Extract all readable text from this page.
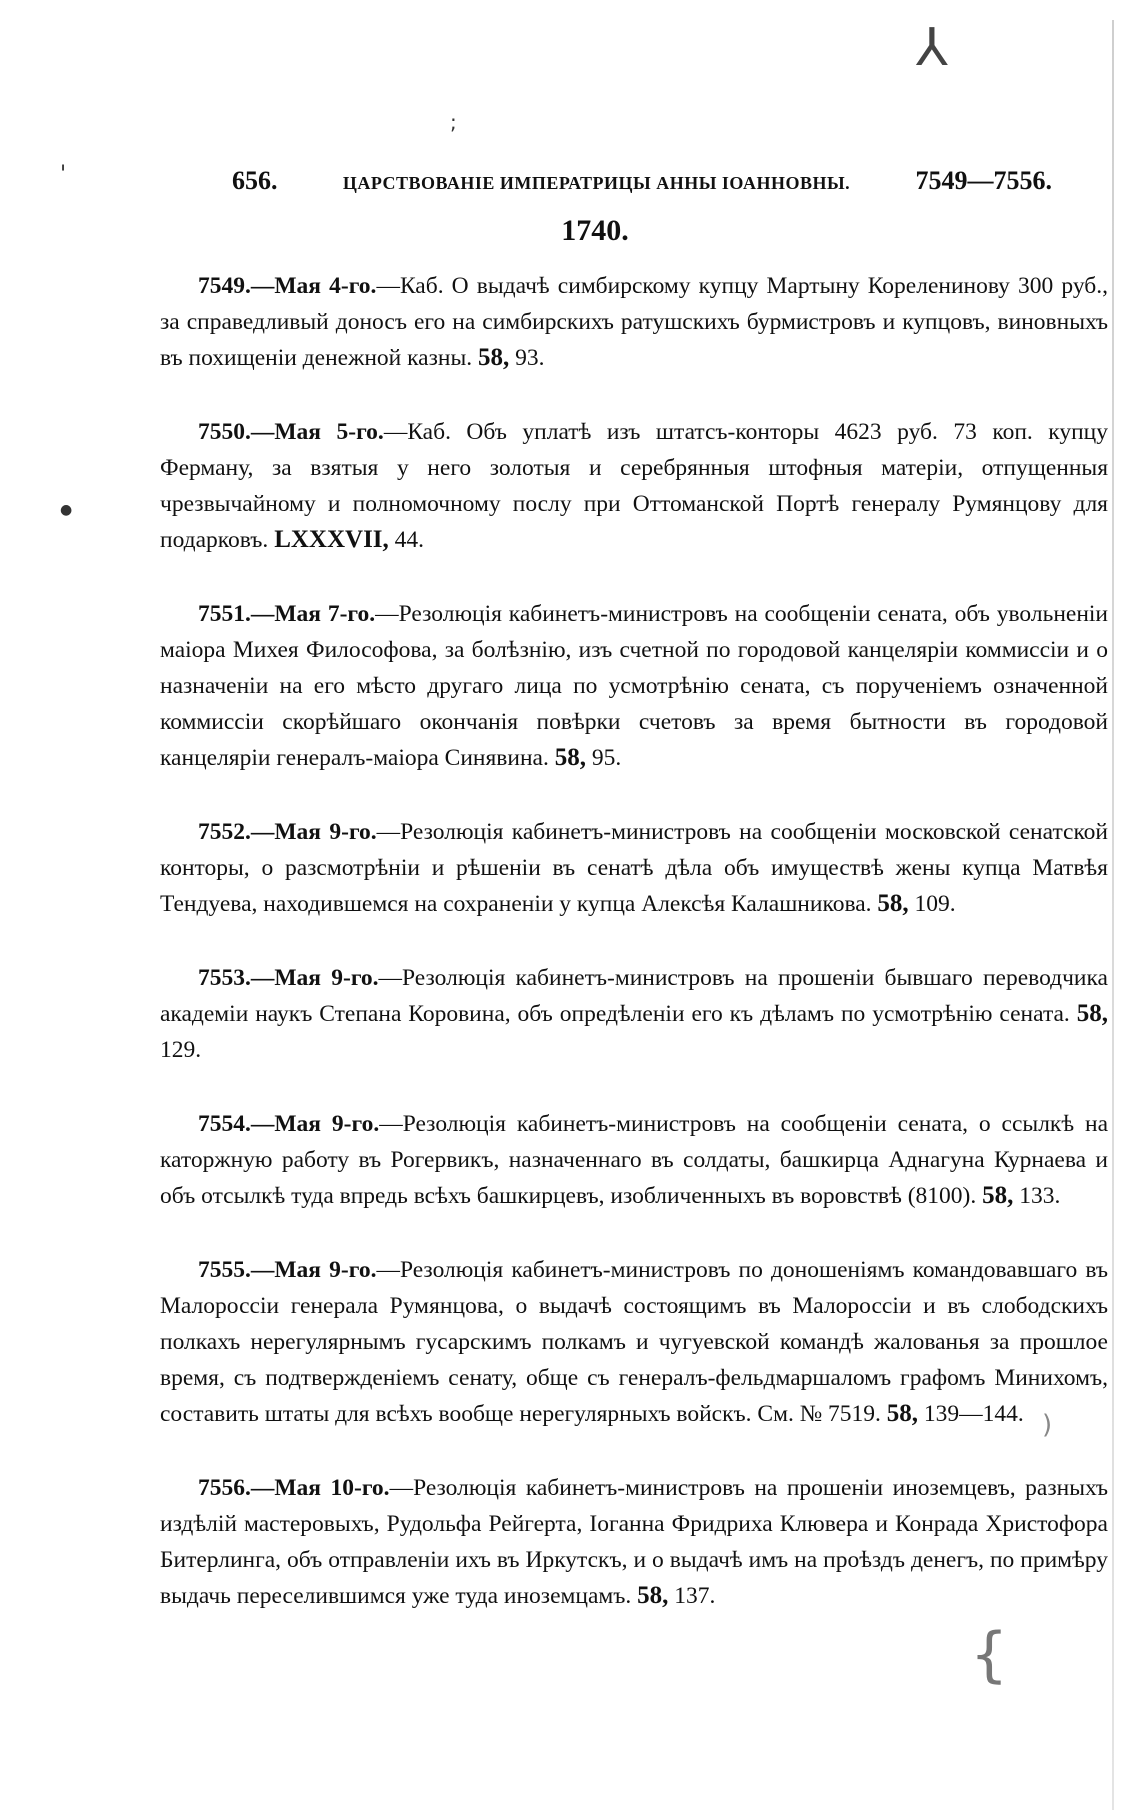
⅄
;
'
●
)
{
656.	ЦАРСТВОВАНІЕ ИМПЕРАТРИЦЫ АННЫ ІОАННОВНЫ.	7549—7556.
1740.

7549.—Мая 4-го.—Каб. О выдачѣ симбирскому купцу Мартыну Кореленинову 300 руб., за справедливый доносъ его на симбирскихъ ратушскихъ бурмистровъ и купцовъ, виновныхъ въ похищеніи денежной казны. 58, 93.

7550.—Мая 5-го.—Каб. Объ уплатѣ изъ штатсъ-конторы 4623 руб. 73 коп. купцу Ферману, за взятыя у него золотыя и серебрянныя штофныя матеріи, отпущенныя чрезвычайному и полномочному послу при Оттоманской Портѣ генералу Румянцову для подарковъ. LXXXVII, 44.

7551.—Мая 7-го.—Резолюція кабинетъ-министровъ на сообщеніи сената, объ увольненіи маіора Михея Философова, за болѣзнію, изъ счетной по городовой канцеляріи коммиссіи и о назначеніи на его мѣсто другаго лица по усмотрѣнію сената, съ порученіемъ означенной коммиссіи скорѣйшаго окончанія повѣрки счетовъ за время бытности въ городовой канцеляріи генералъ-маіора Синявина. 58, 95.

7552.—Мая 9-го.—Резолюція кабинетъ-министровъ на сообщеніи московской сенатской конторы, о разсмотрѣніи и рѣшеніи въ сенатѣ дѣла объ имуществѣ жены купца Матвѣя Тендуева, находившемся на сохраненіи у купца Алексѣя Калашникова. 58, 109.

7553.—Мая 9-го.—Резолюція кабинетъ-министровъ на прошеніи бывшаго переводчика академіи наукъ Степана Коровина, объ опредѣленіи его къ дѣламъ по усмотрѣнію сената. 58, 129.

7554.—Мая 9-го.—Резолюція кабинетъ-министровъ на сообщеніи сената, о ссылкѣ на каторжную работу въ Рогервикъ, назначеннаго въ солдаты, башкирца Аднагуна Курнаева и объ отсылкѣ туда впредь всѣхъ башкирцевъ, изобличенныхъ въ воровствѣ (8100). 58, 133.

7555.—Мая 9-го.—Резолюція кабинетъ-министровъ по доношеніямъ командовавшаго въ Малороссіи генерала Румянцова, о выдачѣ состоящимъ въ Малороссіи и въ слободскихъ полкахъ нерегулярнымъ гусарскимъ полкамъ и чугуевской командѣ жалованья за прошлое время, съ подтвержденіемъ сенату, обще съ генералъ-фельдмаршаломъ графомъ Минихомъ, составить штаты для всѣхъ вообще нерегулярныхъ войскъ. См. № 7519. 58, 139—144.

7556.—Мая 10-го.—Резолюція кабинетъ-министровъ на прошеніи иноземцевъ, разныхъ издѣлій мастеровыхъ, Рудольфа Рейгерта, Іоганна Фридриха Клювера и Конрада Христофора Битерлинга, объ отправленіи ихъ въ Иркутскъ, и о выдачѣ имъ на проѣздъ денегъ, по примѣру выдачь переселившимся уже туда иноземцамъ. 58, 137.
